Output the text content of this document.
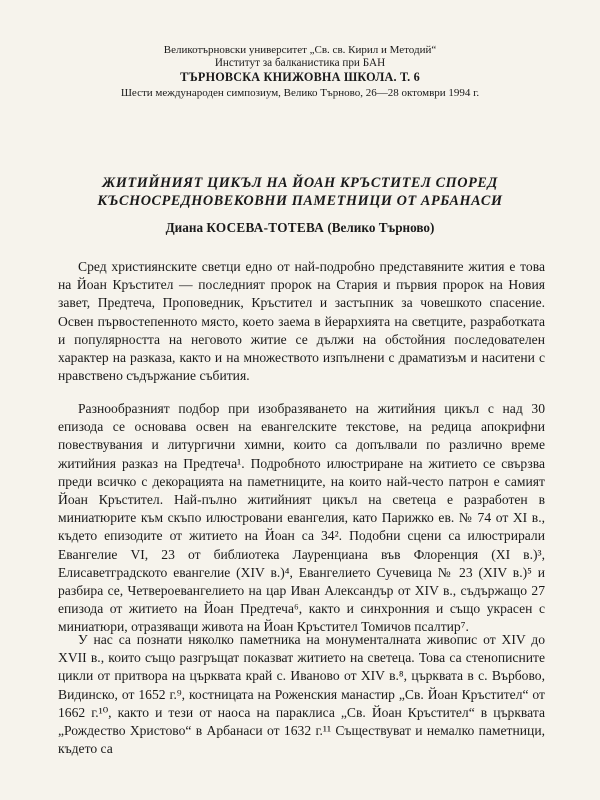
Великотърновски университет „Св. св. Кирил и Методий“
Институт за балканистика при БАН
ТЪРНОВСКА КНИЖОВНА ШКОЛА. Т. 6
Шести международен симпозиум, Велико Търново, 26—28 октомври 1994 г.
ЖИТИЙНИЯТ ЦИКЪЛ НА ЙОАН КРЪСТИТЕЛ СПОРЕД
КЪСНОСРЕДНОВЕКОВНИ ПАМЕТНИЦИ ОТ АРБАНАСИ
Диана КОСЕВА-ТОТЕВА (Велико Търново)

Сред християнските светци едно от най-подробно представяните жития е това на Йоан Кръстител — последният пророк на Стария и първия пророк на Новия завет, Предтеча, Проповедник, Кръстител и застъпник за човешкото спасение. Освен първостепенното място, което заема в йерархията на светците, разработката и популярността на неговото житие се дължи на обстойния последователен характер на разказа, както и на множеството изпълнени с драматизъм и наситени с нравствено съдържание събития.

Разнообразният подбор при изобразяването на житийния цикъл с над 30 епизода се основава освен на евангелските текстове, на редица апокрифни повествувания и литургични химни, които са допълвали по различно време житийния разказ на Предтеча¹. Подробното илюстриране на житието се свързва преди всичко с декорацията на паметниците, на които най-често патрон е самият Йоан Кръстител. Най-пълно житийният цикъл на светеца е разработен в миниатюрите към скъпо илюстровани евангелия, като Парижко ев. № 74 от XI в., където епизодите от житието на Йоан са 34². Подобни сцени са илюстрирали Евангелие VI, 23 от библиотека Лауренциана във Флоренция (XI в.)³, Елисаветградското евангелие (XIV в.)⁴, Евангелието Сучевица № 23 (XIV в.)⁵ и разбира се, Четвероевангелието на цар Иван Александър от XIV в., съдържащо 27 епизода от житието на Йоан Предтеча⁶, както и синхронния и също украсен с миниатюри, отразяващи живота на Йоан Кръстител Томичов псалтир⁷.

У нас са познати няколко паметника на монументалната живопис от XIV до XVII в., които също разгръщат показват житието на светеца. Това са стенописните цикли от притвора на църквата край с. Иваново от XIV в.⁸, църквата в с. Върбово, Видинско, от 1652 г.⁹, костницата на Роженския манастир „Св. Йоан Кръстител“ от 1662 г.¹⁰, както и тези от наоса на параклиса „Св. Йоан Кръстител“ в църквата „Рождество Христово“ в Арбанаси от 1632 г.¹¹ Съществуват и немалко паметници, където са
